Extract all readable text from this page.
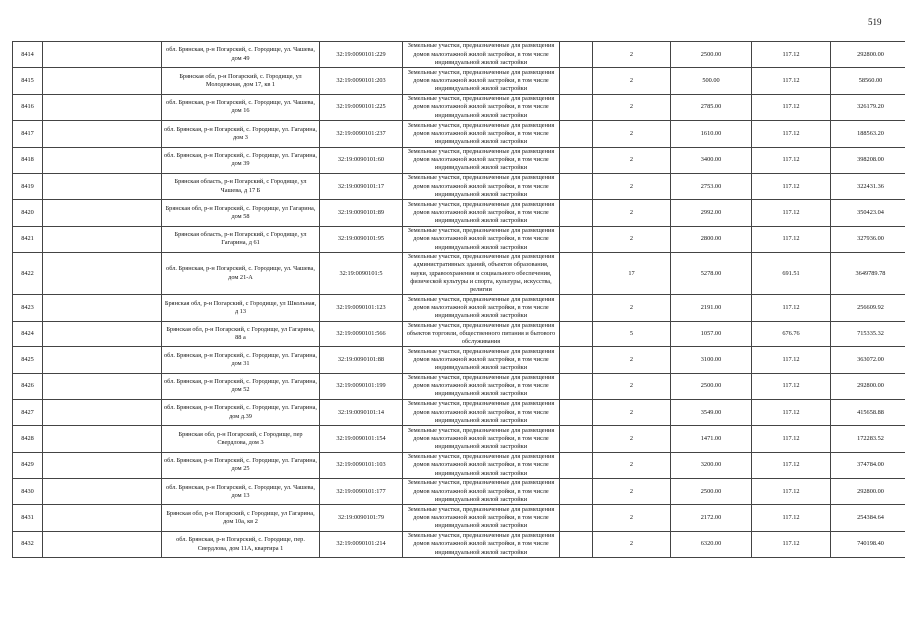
519
8414		обл. Брянская, р-н Погарский, с. Городище, ул. Чашева, дом 49	32:19:0090101:229	Земельные участки, предназначенные для размещения домов малоэтажной жилой застройки, в том числе индивидуальной жилой застройки		2	2500.00	117.12	292800.00
8415		Брянская обл, р-н Погарский, с. Городище, ул Молодежная, дом 17, кв 1	32:19:0090101:203	Земельные участки, предназначенные для размещения домов малоэтажной жилой застройки, в том числе индивидуальной жилой застройки		2	500.00	117.12	58560.00
8416		обл. Брянская, р-н Погарский, с. Городище, ул. Чашева, дом 16	32:19:0090101:225	Земельные участки, предназначенные для размещения домов малоэтажной жилой застройки, в том числе индивидуальной жилой застройки		2	2785.00	117.12	326179.20
8417		обл. Брянская, р-н Погарский, с. Городище, ул. Гагарина, дом 3	32:19:0090101:237	Земельные участки, предназначенные для размещения домов малоэтажной жилой застройки, в том числе индивидуальной жилой застройки		2	1610.00	117.12	188563.20
8418		обл. Брянская, р-н Погарский, с. Городище, ул. Гагарина, дом 39	32:19:0090101:60	Земельные участки, предназначенные для размещения домов малоэтажной жилой застройки, в том числе индивидуальной жилой застройки		2	3400.00	117.12	398208.00
8419		Брянская область, р-н Погарский, с Городище, ул Чашева, д 17 Б	32:19:0090101:17	Земельные участки, предназначенные для размещения домов малоэтажной жилой застройки, в том числе индивидуальной жилой застройки		2	2753.00	117.12	322431.36
8420		Брянская обл, р-н Погарский, с. Городище, ул Гагарина, дом 58	32:19:0090101:89	Земельные участки, предназначенные для размещения домов малоэтажной жилой застройки, в том числе индивидуальной жилой застройки		2	2992.00	117.12	350423.04
8421		Брянская область, р-н Погарский, с Городище, ул Гагарина, д 61	32:19:0090101:95	Земельные участки, предназначенные для размещения домов малоэтажной жилой застройки, в том числе индивидуальной жилой застройки		2	2800.00	117.12	327936.00
8422		обл. Брянская, р-н Погарский, с. Городище, ул. Чашева, дом 21-А	32:19:0090101:5	Земельные участки, предназначенные для размещения административных зданий, объектов образования, науки, здравоохранения и социального обеспечения, физической культуры и спорта, культуры, искусства, религии		17	5278.00	691.51	3649789.78
8423		Брянская обл, р-н Погарский, с Городище, ул Школьная, д 13	32:19:0090101:123	Земельные участки, предназначенные для размещения домов малоэтажной жилой застройки, в том числе индивидуальной жилой застройки		2	2191.00	117.12	256609.92
8424		Брянская обл, р-н Погарский, с Городище, ул Гагарина, 88 а	32:19:0090101:566	Земельные участки, предназначенные для размещения объектов торговли, общественного питания и бытового обслуживания		5	1057.00	676.76	715335.32
8425		обл. Брянская, р-н Погарский, с. Городище, ул. Гагарина, дом 31	32:19:0090101:88	Земельные участки, предназначенные для размещения домов малоэтажной жилой застройки, в том числе индивидуальной жилой застройки		2	3100.00	117.12	363072.00
8426		обл. Брянская, р-н Погарский, с. Городище, ул. Гагарина, дом 52	32:19:0090101:199	Земельные участки, предназначенные для размещения домов малоэтажной жилой застройки, в том числе индивидуальной жилой застройки		2	2500.00	117.12	292800.00
8427		обл. Брянская, р-н Погарский, с. Городище, ул. Гагарина, дом д.39	32:19:0090101:14	Земельные участки, предназначенные для размещения домов малоэтажной жилой застройки, в том числе индивидуальной жилой застройки		2	3549.00	117.12	415658.88
8428		Брянская обл, р-н Погарский, с Городище, пер Свердлова, дом 3	32:19:0090101:154	Земельные участки, предназначенные для размещения домов малоэтажной жилой застройки, в том числе индивидуальной жилой застройки		2	1471.00	117.12	172283.52
8429		обл. Брянская, р-н Погарский, с. Городище, ул. Гагарина, дом 25	32:19:0090101:103	Земельные участки, предназначенные для размещения домов малоэтажной жилой застройки, в том числе индивидуальной жилой застройки		2	3200.00	117.12	374784.00
8430		обл. Брянская, р-н Погарский, с. Городище, ул. Чашева, дом 13	32:19:0090101:177	Земельные участки, предназначенные для размещения домов малоэтажной жилой застройки, в том числе индивидуальной жилой застройки		2	2500.00	117.12	292800.00
8431		Брянская обл, р-н Погарский, с Городище, ул Гагарина, дом 10а, кв 2	32:19:0090101:79	Земельные участки, предназначенные для размещения домов малоэтажной жилой застройки, в том числе индивидуальной жилой застройки		2	2172.00	117.12	254384.64
8432		обл. Брянская, р-н Погарский, с. Городище, пер. Свердлова, дом 11А, квартира 1	32:19:0090101:214	Земельные участки, предназначенные для размещения домов малоэтажной жилой застройки, в том числе индивидуальной жилой застройки		2	6320.00	117.12	740198.40
